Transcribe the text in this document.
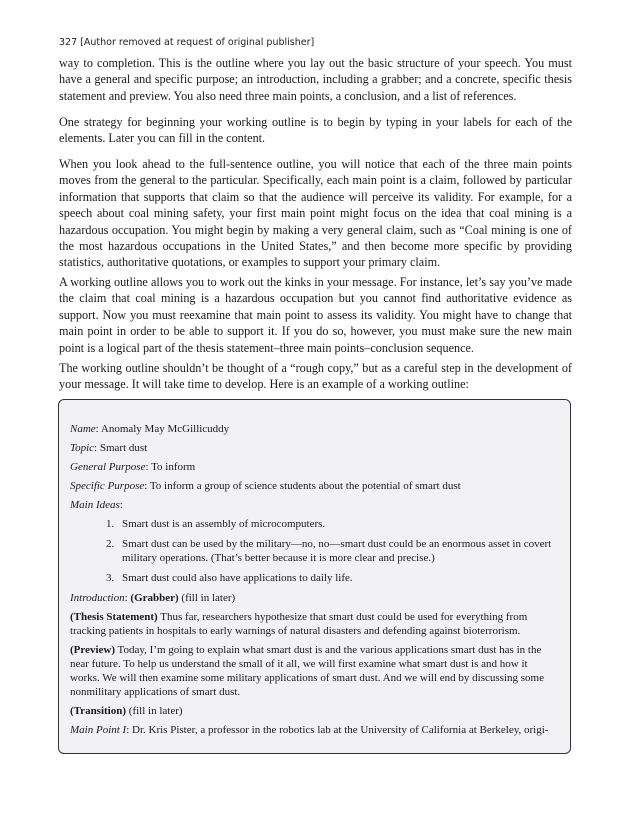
327 [Author removed at request of original publisher]

way to completion. This is the outline where you lay out the basic structure of your speech. You must have a general and specific purpose; an introduction, including a grabber; and a concrete, specific thesis statement and preview. You also need three main points, a conclusion, and a list of references.

One strategy for beginning your working outline is to begin by typing in your labels for each of the elements. Later you can fill in the content.

When you look ahead to the full-sentence outline, you will notice that each of the three main points moves from the general to the particular. Specifically, each main point is a claim, followed by particular information that supports that claim so that the audience will perceive its validity. For example, for a speech about coal mining safety, your first main point might focus on the idea that coal mining is a hazardous occupation. You might begin by making a very general claim, such as “Coal mining is one of the most hazardous occupations in the United States,” and then become more specific by providing statistics, authoritative quotations, or examples to support your primary claim.

A working outline allows you to work out the kinks in your message. For instance, let’s say you’ve made the claim that coal mining is a hazardous occupation but you cannot find authoritative evidence as support. Now you must reexamine that main point to assess its validity. You might have to change that main point in order to be able to support it. If you do so, however, you must make sure the new main point is a logical part of the thesis statement–three main points–conclusion sequence.

The working outline shouldn’t be thought of a “rough copy,” but as a careful step in the development of your message. It will take time to develop. Here is an example of a working outline:

Name: Anomaly May McGillicuddy

Topic: Smart dust

General Purpose: To inform

Specific Purpose: To inform a group of science students about the potential of smart dust

Main Ideas:

1. Smart dust is an assembly of microcomputers.
2. Smart dust can be used by the military—no, no—smart dust could be an enormous asset in covert military operations. (That’s better because it is more clear and precise.)
3. Smart dust could also have applications to daily life.

Introduction: (Grabber) (fill in later)

(Thesis Statement) Thus far, researchers hypothesize that smart dust could be used for everything from tracking patients in hospitals to early warnings of natural disasters and defending against bioterrorism.

(Preview) Today, I’m going to explain what smart dust is and the various applications smart dust has in the near future. To help us understand the small of it all, we will first examine what smart dust is and how it works. We will then examine some military applications of smart dust. And we will end by discussing some nonmilitary applications of smart dust.

(Transition) (fill in later)

Main Point I: Dr. Kris Pister, a professor in the robotics lab at the University of California at Berkeley, origi-
